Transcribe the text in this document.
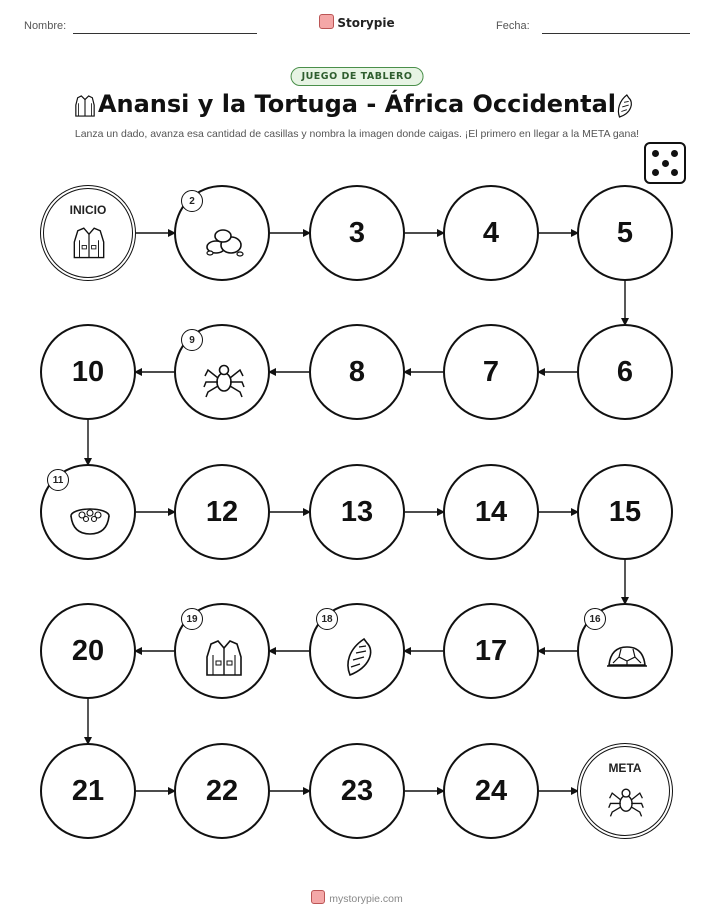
Nombre:	Storypie	Fecha:
JUEGO DE TABLERO
Anansi y la Tortuga - África Occidental
Lanza un dado, avanza esa cantidad de casillas y nombra la imagen donde caigas. ¡El primero en llegar a la META gana!
INICIO
2
3	4	5
6
7
8
9
10
11
12	13	14	15
16
17
18
19
20
21	22	23	24
META
mystorypie.com
